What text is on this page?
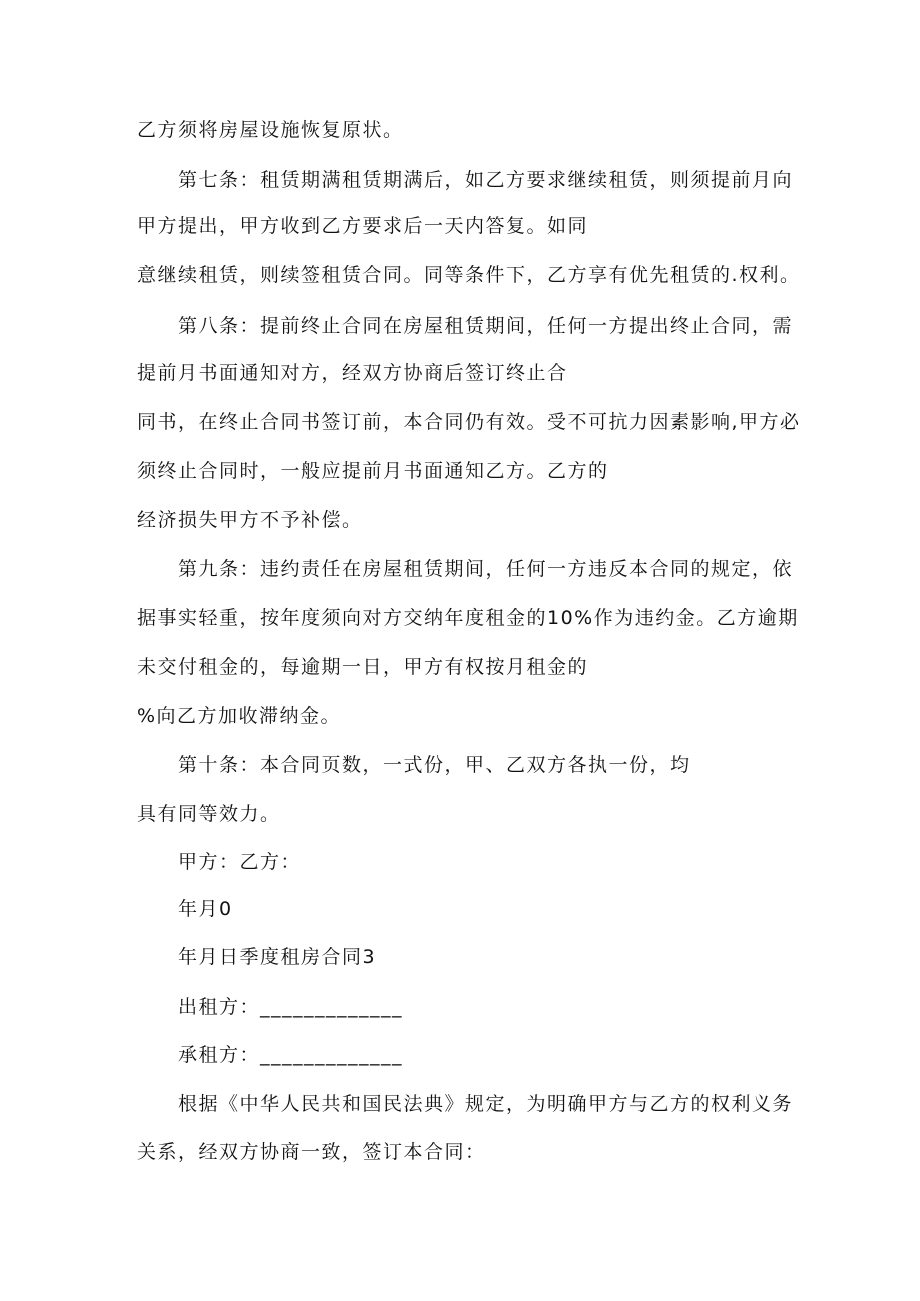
乙方须将房屋设施恢复原状。
第七条：租赁期满租赁期满后，如乙方要求继续租赁，则须提前月向
甲方提出，甲方收到乙方要求后一天内答复。如同
意继续租赁，则续签租赁合同。同等条件下，乙方享有优先租赁的.权利。
第八条：提前终止合同在房屋租赁期间，任何一方提出终止合同，需
提前月书面通知对方，经双方协商后签订终止合
同书，在终止合同书签订前，本合同仍有效。受不可抗力因素影响,甲方必
须终止合同时，一般应提前月书面通知乙方。乙方的
经济损失甲方不予补偿。
第九条：违约责任在房屋租赁期间，任何一方违反本合同的规定，依
据事实轻重，按年度须向对方交纳年度租金的10%作为违约金。乙方逾期
未交付租金的，每逾期一日，甲方有权按月租金的
%向乙方加收滞纳金。
第十条：本合同页数，一式份，甲、乙双方各执一份，均
具有同等效力。
甲方：乙方：
年月0
年月日季度租房合同3
出租方：_____________
承租方：_____________
根据《中华人民共和国民法典》规定，为明确甲方与乙方的权利义务
关系，经双方协商一致，签订本合同：
